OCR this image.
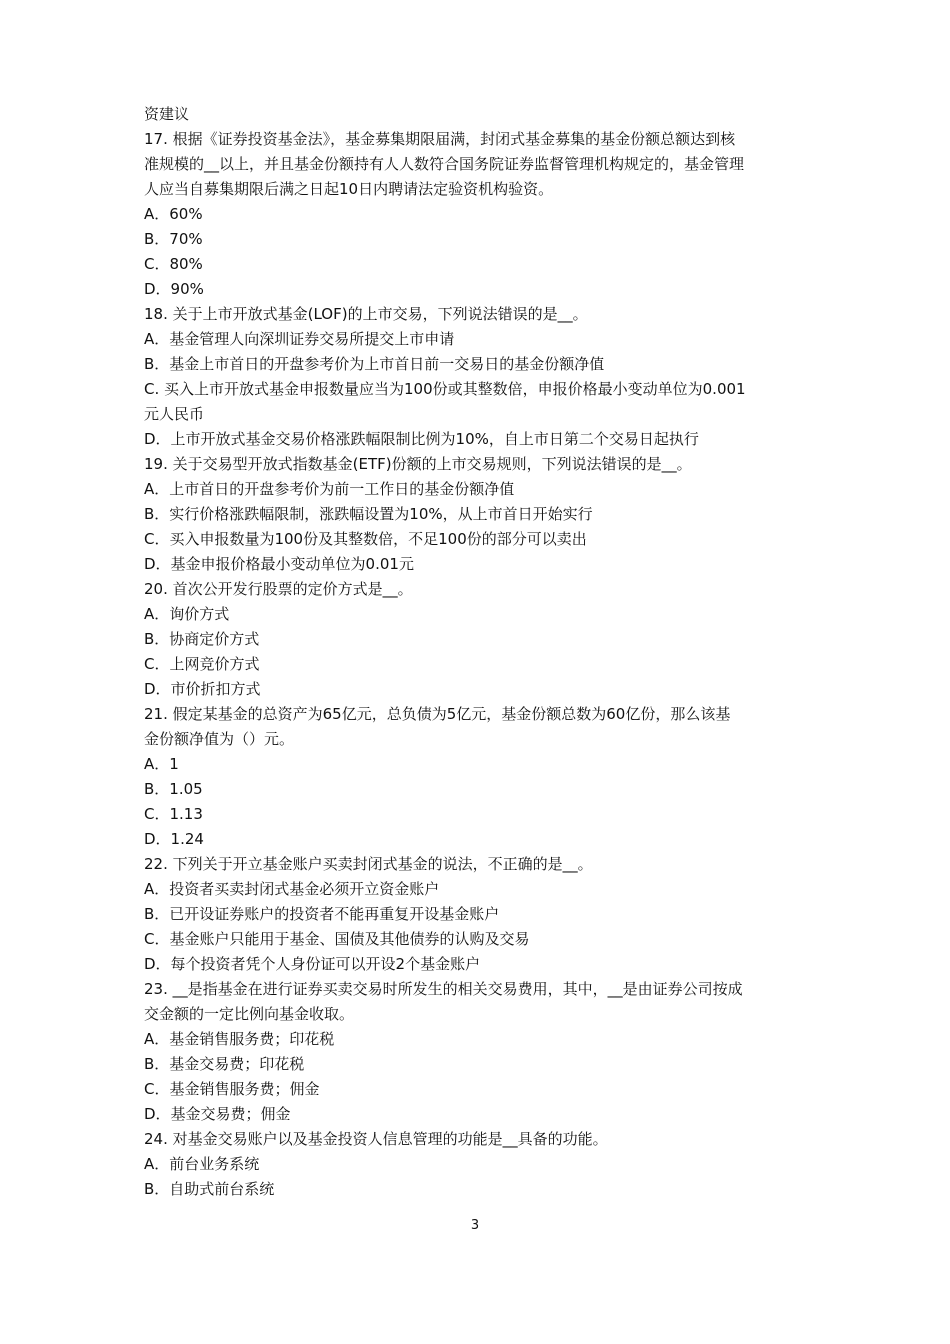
资建议
17. 根据《证券投资基金法》，基金募集期限届满，封闭式基金募集的基金份额总额达到核
准规模的__以上，并且基金份额持有人人数符合国务院证券监督管理机构规定的，基金管理
人应当自募集期限后满之日起10日内聘请法定验资机构验资。
A．60%
B．70%
C．80%
D．90%
18. 关于上市开放式基金(LOF)的上市交易，下列说法错误的是__。
A．基金管理人向深圳证券交易所提交上市申请
B．基金上市首日的开盘参考价为上市首日前一交易日的基金份额净值
C. 买入上市开放式基金申报数量应当为100份或其整数倍，申报价格最小变动单位为0.001
元人民币
D．上市开放式基金交易价格涨跌幅限制比例为10%，自上市日第二个交易日起执行
19. 关于交易型开放式指数基金(ETF)份额的上市交易规则，下列说法错误的是__。
A．上市首日的开盘参考价为前一工作日的基金份额净值
B．实行价格涨跌幅限制，涨跌幅设置为10%，从上市首日开始实行
C．买入申报数量为100份及其整数倍，不足100份的部分可以卖出
D．基金申报价格最小变动单位为0.01元
20. 首次公开发行股票的定价方式是__。
A．询价方式
B．协商定价方式
C．上网竞价方式
D．市价折扣方式
21. 假定某基金的总资产为65亿元，总负债为5亿元，基金份额总数为60亿份，那么该基
金份额净值为（）元。
A．1
B．1.05
C．1.13
D．1.24
22. 下列关于开立基金账户买卖封闭式基金的说法，不正确的是__。
A．投资者买卖封闭式基金必须开立资金账户
B．已开设证券账户的投资者不能再重复开设基金账户
C．基金账户只能用于基金、国债及其他债券的认购及交易
D．每个投资者凭个人身份证可以开设2个基金账户
23. __是指基金在进行证券买卖交易时所发生的相关交易费用，其中，__是由证券公司按成
交金额的一定比例向基金收取。
A．基金销售服务费；印花税
B．基金交易费；印花税
C．基金销售服务费；佣金
D．基金交易费；佣金
24. 对基金交易账户以及基金投资人信息管理的功能是__具备的功能。
A．前台业务系统
B．自助式前台系统
3
